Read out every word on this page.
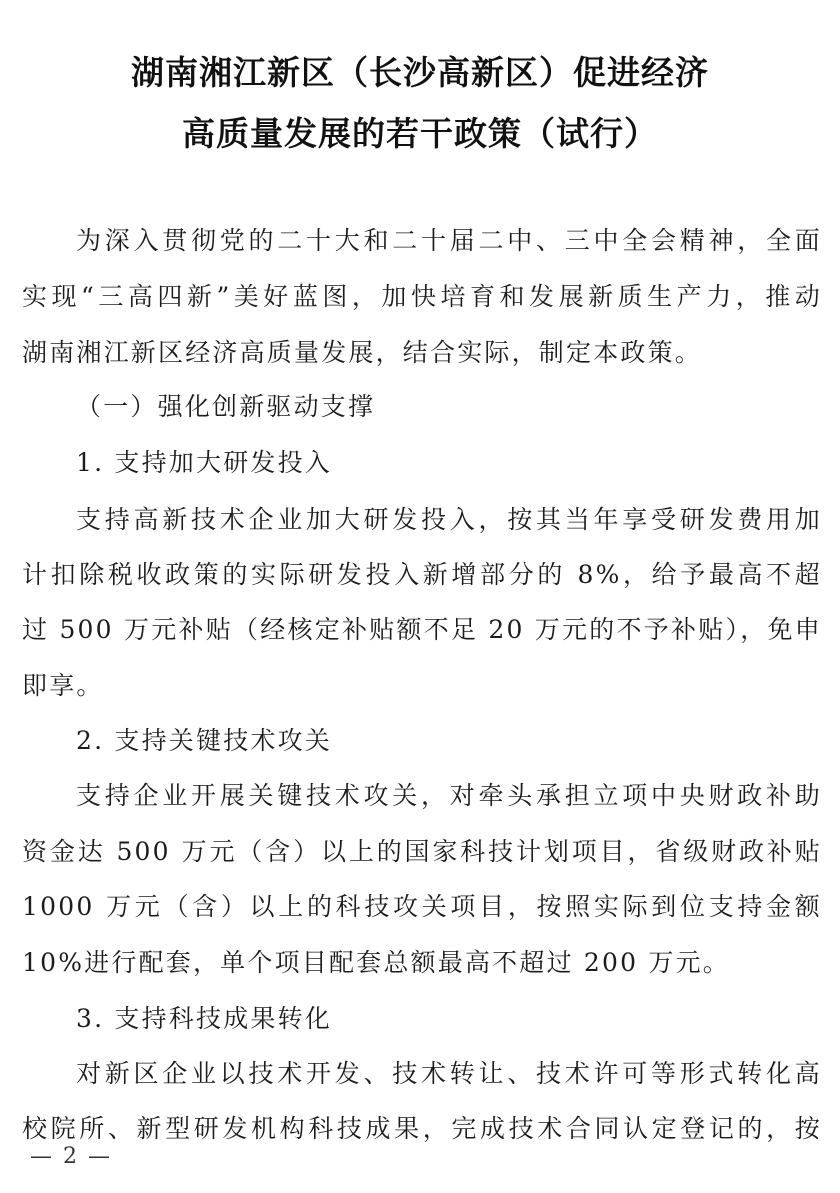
湖南湘江新区（长沙高新区）促进经济
高质量发展的若干政策（试行）
为深入贯彻党的二十大和二十届二中、三中全会精神，全面
实现“三高四新”美好蓝图，加快培育和发展新质生产力，推动
湖南湘江新区经济高质量发展，结合实际，制定本政策。
（一）强化创新驱动支撑
1. 支持加大研发投入
支持高新技术企业加大研发投入，按其当年享受研发费用加
计扣除税收政策的实际研发投入新增部分的 8%，给予最高不超
过 500 万元补贴（经核定补贴额不足 20 万元的不予补贴），免申
即享。
2. 支持关键技术攻关
支持企业开展关键技术攻关，对牵头承担立项中央财政补助
资金达 500 万元（含）以上的国家科技计划项目，省级财政补贴
1000 万元（含）以上的科技攻关项目，按照实际到位支持金额
10%进行配套，单个项目配套总额最高不超过 200 万元。
3. 支持科技成果转化
对新区企业以技术开发、技术转让、技术许可等形式转化高
校院所、新型研发机构科技成果，完成技术合同认定登记的，按
— 2 —
